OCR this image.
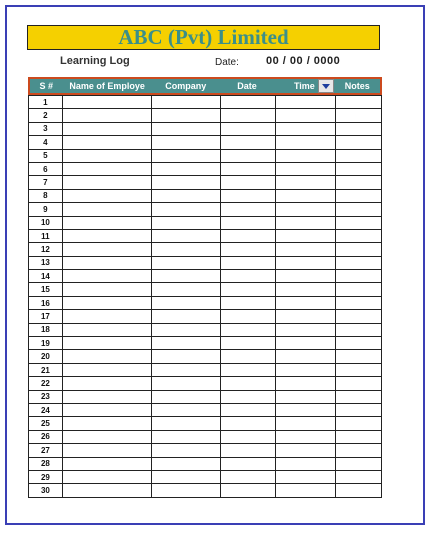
ABC (Pvt) Limited
Learning Log	Date: 00 / 00 / 0000
S #	Name of Employe	Company	Date	Time	Notes
1
2
3
4
5
6
7
8
9
10
11
12
13
14
15
16
17
18
19
20
21
22
23
24
25
26
27
28
29
30
